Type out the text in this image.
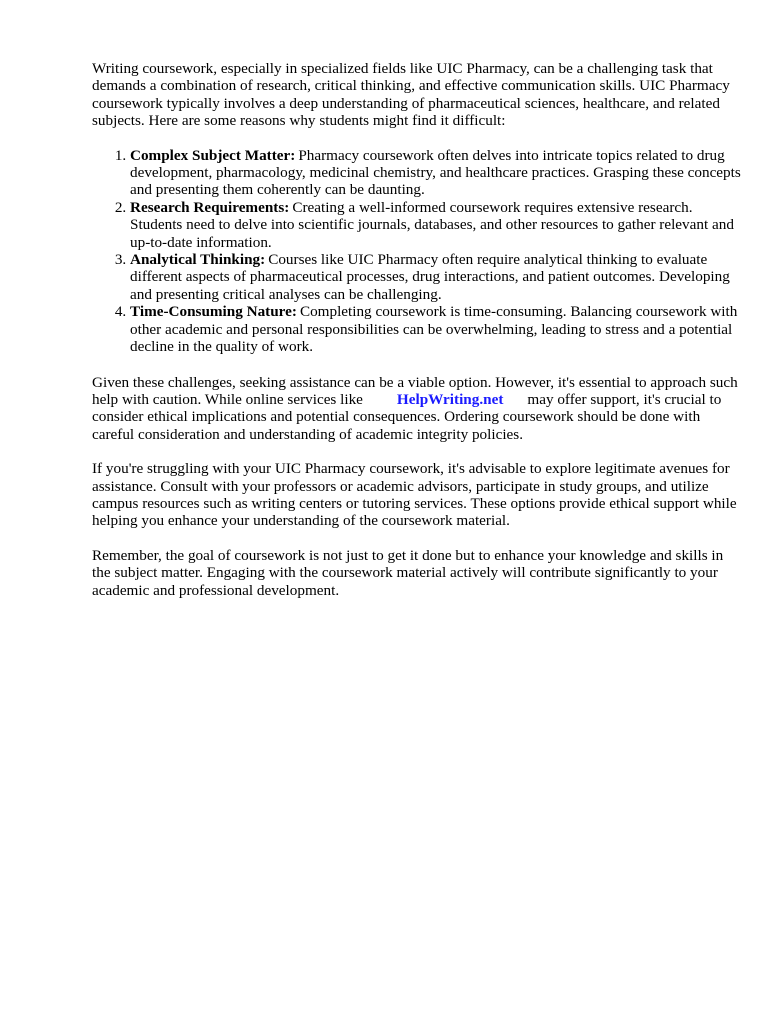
Writing coursework, especially in specialized fields like UIC Pharmacy, can be a challenging task that demands a combination of research, critical thinking, and effective communication skills. UIC Pharmacy coursework typically involves a deep understanding of pharmaceutical sciences, healthcare, and related subjects. Here are some reasons why students might find it difficult:

1. Complex Subject Matter: Pharmacy coursework often delves into intricate topics related to drug development, pharmacology, medicinal chemistry, and healthcare practices. Grasping these concepts and presenting them coherently can be daunting.
2. Research Requirements: Creating a well-informed coursework requires extensive research. Students need to delve into scientific journals, databases, and other resources to gather relevant and up-to-date information.
3. Analytical Thinking: Courses like UIC Pharmacy often require analytical thinking to evaluate different aspects of pharmaceutical processes, drug interactions, and patient outcomes. Developing and presenting critical analyses can be challenging.
4. Time-Consuming Nature: Completing coursework is time-consuming. Balancing coursework with other academic and personal responsibilities can be overwhelming, leading to stress and a potential decline in the quality of work.

Given these challenges, seeking assistance can be a viable option. However, it's essential to approach such help with caution. While online services like HelpWriting.net may offer support, it's crucial to consider ethical implications and potential consequences. Ordering coursework should be done with careful consideration and understanding of academic integrity policies.

If you're struggling with your UIC Pharmacy coursework, it's advisable to explore legitimate avenues for assistance. Consult with your professors or academic advisors, participate in study groups, and utilize campus resources such as writing centers or tutoring services. These options provide ethical support while helping you enhance your understanding of the coursework material.

Remember, the goal of coursework is not just to get it done but to enhance your knowledge and skills in the subject matter. Engaging with the coursework material actively will contribute significantly to your academic and professional development.
